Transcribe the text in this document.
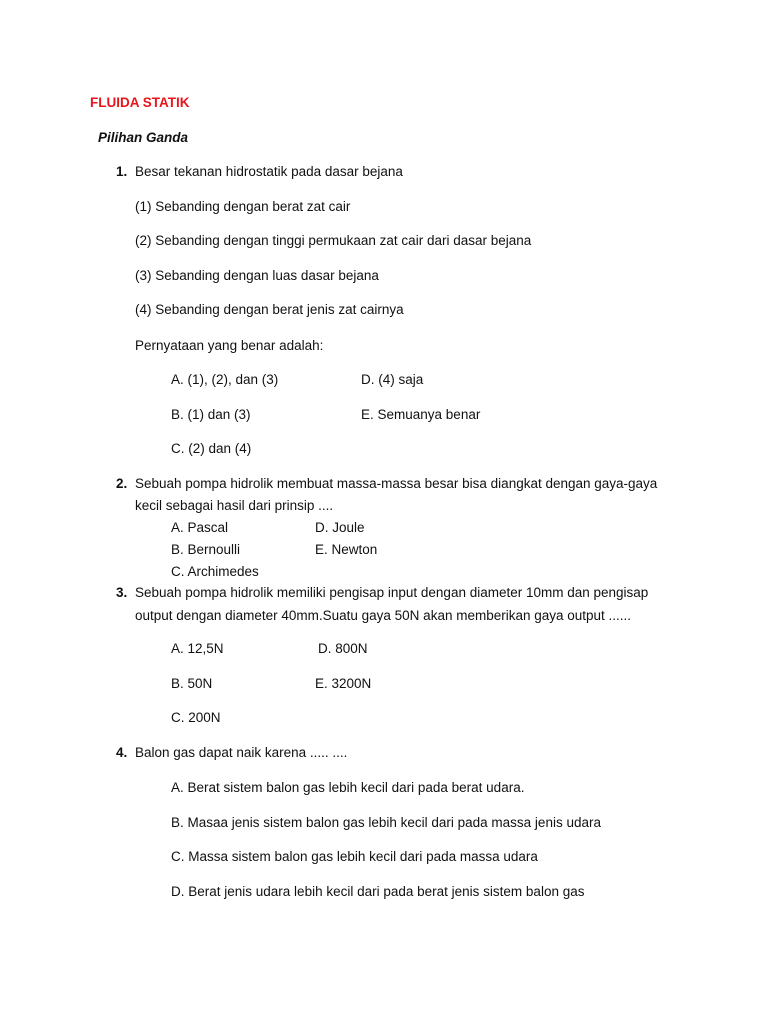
FLUIDA STATIK
Pilihan Ganda
1. Besar tekanan hidrostatik pada dasar bejana
(1) Sebanding dengan berat zat cair
(2) Sebanding dengan tinggi permukaan zat cair dari dasar bejana
(3) Sebanding dengan luas dasar bejana
(4) Sebanding dengan berat jenis zat cairnya
Pernyataan yang benar adalah:
A. (1), (2), dan (3)	D. (4) saja
B. (1) dan (3)	E. Semuanya benar
C. (2) dan (4)
2. Sebuah pompa hidrolik membuat massa-massa besar bisa diangkat dengan gaya-gaya
kecil sebagai hasil dari prinsip ....
A. Pascal	D. Joule
B. Bernoulli	E. Newton
C. Archimedes
3. Sebuah pompa hidrolik memiliki pengisap input dengan diameter 10mm dan pengisap
output dengan diameter 40mm.Suatu gaya 50N akan memberikan gaya output ......
A. 12,5N	D. 800N
B. 50N	E. 3200N
C. 200N
4. Balon gas dapat naik karena ..... ....
A. Berat sistem balon gas lebih kecil dari pada berat udara.
B. Masaa jenis sistem balon gas lebih kecil dari pada massa jenis udara
C. Massa sistem balon gas lebih kecil dari pada massa udara
D. Berat jenis udara lebih kecil dari pada berat jenis sistem balon gas
